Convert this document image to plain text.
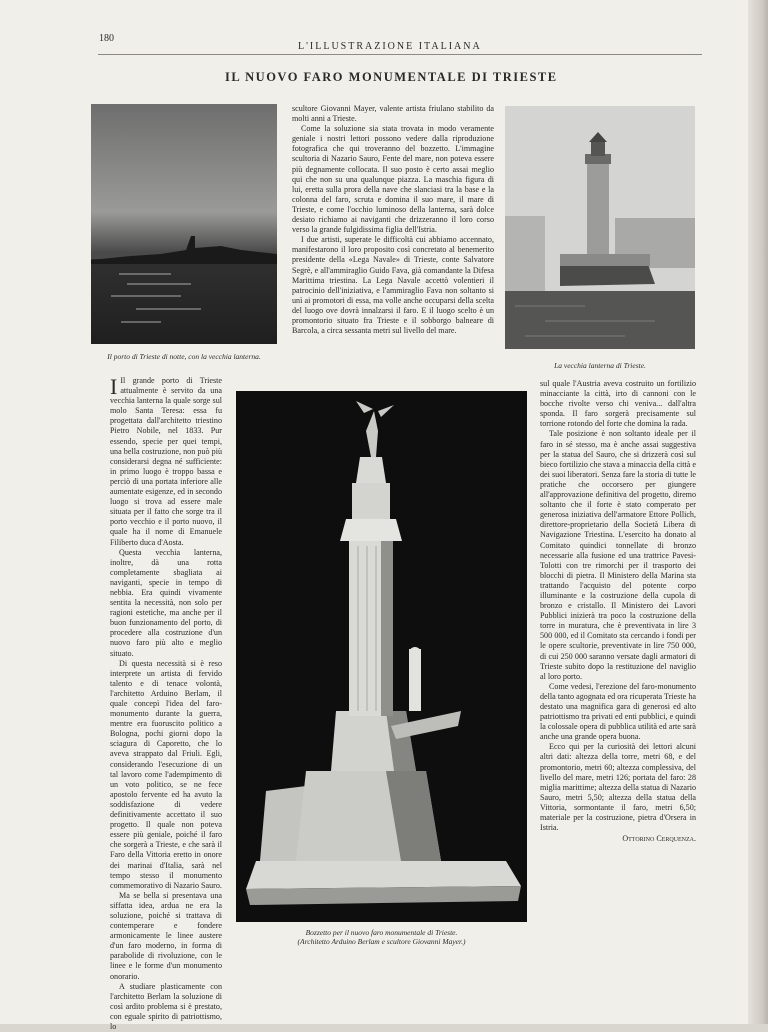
180
L'ILLUSTRAZIONE ITALIANA
IL NUOVO FARO MONUMENTALE DI TRIESTE
Il porto di Trieste di notte, con la vecchia lanterna.

scultore Giovanni Mayer, valente artista friulano stabilito da molti anni a Trieste.

Come la soluzione sia stata trovata in modo veramente geniale i nostri lettori possono vedere dalla riproduzione fotografica che qui troveranno del bozzetto. L'immagine scultoria di Nazario Sauro, Fente del mare, non poteva essere più degnamente collocata. Il suo posto è certo assai meglio qui che non su una qualunque piazza. La maschia figura di lui, eretta sulla prora della nave che slanciasi tra la base e la colonna del faro, scruta e domina il suo mare, il mare di Trieste, e come l'occhio luminoso della lanterna, sarà dolce desiato richiamo ai naviganti che drizzeranno il loro corso verso la grande fulgidissima figlia dell'Istria.

I due artisti, superate le difficoltà cui abbiamo accennato, manifestarono il loro proposito così concretato al benemerito presidente della «Lega Navale» di Trieste, conte Salvatore Segrè, e all'ammiraglio Guido Fava, già comandante la Difesa Marittima triestina. La Lega Navale accettò volentieri il patrocinio dell'iniziativa, e l'ammiraglio Fava non soltanto si unì ai promotori di essa, ma volle anche occuparsi della scelta del luogo ove dovrà innalzarsi il faro. E il luogo scelto è un promontorio situato fra Trieste e il sobborgo balneare di Barcola, a circa sessanta metri sul livello del mare.

La vecchia lanterna di Trieste.

I Il grande porto di Trieste attualmente è servito da una vecchia lanterna la quale sorge sul molo Santa Teresa: essa fu progettata dall'architetto triestino Pietro Nobile, nel 1833. Pur essendo, specie per quei tempi, una bella costruzione, non può più considerarsi degna né sufficiente: in primo luogo è troppo bassa e perciò di una portata inferiore alle aumentate esigenze, ed in secondo luogo si trova ad essere male situata per il fatto che sorge tra il porto vecchio e il porto nuovo, il quale ha il nome di Emanuele Filiberto duca d'Aosta.

Questa vecchia lanterna, inoltre, dà una rotta completamente sbagliata ai naviganti, specie in tempo di nebbia. Era quindi vivamente sentita la necessità, non solo per ragioni estetiche, ma anche per il buon funzionamento del porto, di procedere alla costruzione d'un nuovo faro più alto e meglio situato.

Di questa necessità si è reso interprete un artista di fervido talento e di tenace volontà, l'architetto Arduino Berlam, il quale concepì l'idea del faro-monumento durante la guerra, mentre era fuoruscito politico a Bologna, pochi giorni dopo la sciagura di Caporetto, che lo aveva strappato dal Friuli. Egli, considerando l'esecuzione di un tal lavoro come l'adempimento di un voto politico, se ne fece apostolo fervente ed ha avuto la soddisfazione di vedere definitivamente accettato il suo progetto. Il quale non poteva essere più geniale, poiché il faro che sorgerà a Trieste, e che sarà il Faro della Vittoria eretto in onore dei marinai d'Italia, sarà nel tempo stesso il monumento commemorativo di Nazario Sauro.

Ma se bella si presentava una siffatta idea, ardua ne era la soluzione, poiché si trattava di contemperare e fondere armonicamente le linee austere d'un faro moderno, in forma di parabolide di rivoluzione, con le linee e le forme d'un monumento onorario.

A studiare plasticamente con l'architetto Berlam la soluzione di così ardito problema si è prestato, con eguale spirito di patriottismo, lo

Bozzetto per il nuovo faro monumentale di Trieste.
(Architetto Arduino Berlam e scultore Giovanni Mayer.)

sul quale l'Austria aveva costruito un fortilizio minacciante la città, irto di cannoni con le bocche rivolte verso chi veniva... dall'altra sponda. Il faro sorgerà precisamente sul torrione rotondo del forte che domina la rada.

Tale posizione è non soltanto ideale per il faro in sé stesso, ma è anche assai suggestiva per la statua del Sauro, che si drizzerà così sul bieco fortilizio che stava a minaccia della città e dei suoi liberatori. Senza fare la storia di tutte le pratiche che occorsero per giungere all'approvazione definitiva del progetto, diremo soltanto che il forte è stato comperato per generosa iniziativa dell'armatore Ettore Pollich, direttore-proprietario della Società Libera di Navigazione Triestina. L'esercito ha donato al Comitato quindici tonnellate di bronzo necessarie alla fusione ed una trattrice Pavesi-Tolotti con tre rimorchi per il trasporto dei blocchi di pietra. Il Ministero della Marina sta trattando l'acquisto del potente corpo illuminante e la costruzione della cupola di bronzo e cristallo. Il Ministero dei Lavori Pubblici inizierà tra poco la costruzione della torre in muratura, che è preventivata in lire 3 500 000, ed il Comitato sta cercando i fondi per le opere scultorie, preventivate in lire 750 000, di cui 250 000 saranno versate dagli armatori di Trieste subito dopo la restituzione del naviglio al loro porto.

Come vedesi, l'erezione del faro-monumento della tanto agognata ed ora ricuperata Trieste ha destato una magnifica gara di generosi ed alto patriottismo tra privati ed enti pubblici, e quindi la colossale opera di pubblica utilità ed arte sarà anche una grande opera buona.

Ecco qui per la curiosità dei lettori alcuni altri dati: altezza della torre, metri 68, e del promontorio, metri 60; altezza complessiva, del livello del mare, metri 126; portata del faro: 28 miglia marittime; altezza della statua di Nazario Sauro, metri 5,50; altezza della statua della Vittoria, sormontante il faro, metri 6,50; materiale per la costruzione, pietra d'Orsera in Istria.

Ottorino Cerquenza.
